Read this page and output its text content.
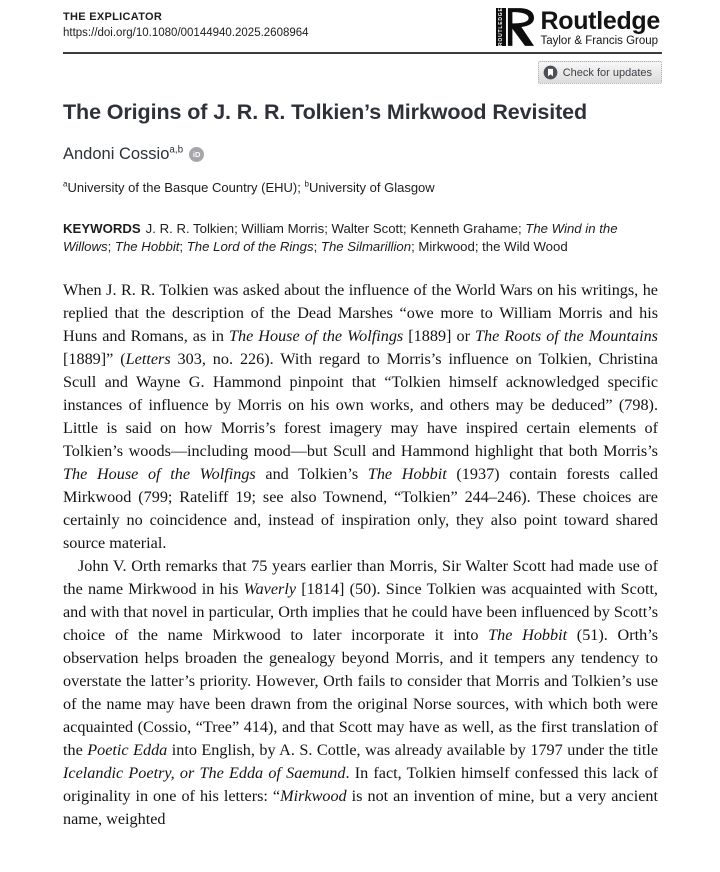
THE EXPLICATOR
https://doi.org/10.1080/00144940.2025.2608964	ROUTLEDGE Routledge
Taylor & Francis Group
Check for updates
The Origins of J. R. R. Tolkien’s Mirkwood Revisited
Andoni Cossio$^{a,b}$	iD
$^a$University of the Basque Country (EHU); $^b$University of Glasgow
KEYWORDS J. R. R. Tolkien; William Morris; Walter Scott; Kenneth Grahame; The Wind in the Willows; The Hobbit; The Lord of the Rings; The Silmarillion; Mirkwood; the Wild Wood

When J. R. R. Tolkien was asked about the influence of the World Wars on his writings, he replied that the description of the Dead Marshes “owe more to William Morris and his Huns and Romans, as in The House of the Wolfings [1889] or The Roots of the Mountains [1889]” (Letters 303, no. 226). With regard to Morris’s influence on Tolkien, Christina Scull and Wayne G. Hammond pinpoint that “Tolkien himself acknowledged specific instances of influence by Morris on his own works, and others may be deduced” (798). Little is said on how Morris’s forest imagery may have inspired certain elements of Tolkien’s woods—including mood—but Scull and Hammond highlight that both Morris’s The House of the Wolfings and Tolkien’s The Hobbit (1937) contain forests called Mirkwood (799; Rateliff 19; see also Townend, “Tolkien” 244–246). These choices are certainly no coincidence and, instead of inspiration only, they also point toward shared source material.

John V. Orth remarks that 75 years earlier than Morris, Sir Walter Scott had made use of the name Mirkwood in his Waverly [1814] (50). Since Tolkien was acquainted with Scott, and with that novel in particular, Orth implies that he could have been influenced by Scott’s choice of the name Mirkwood to later incorporate it into The Hobbit (51). Orth’s observation helps broaden the genealogy beyond Morris, and it tempers any tendency to overstate the latter’s priority. However, Orth fails to consider that Morris and Tolkien’s use of the name may have been drawn from the original Norse sources, with which both were acquainted (Cossio, “Tree” 414), and that Scott may have as well, as the first translation of the Poetic Edda into English, by A. S. Cottle, was already available by 1797 under the title Icelandic Poetry, or The Edda of Saemund. In fact, Tolkien himself confessed this lack of originality in one of his letters: “Mirkwood is not an invention of mine, but a very ancient name, weighted
